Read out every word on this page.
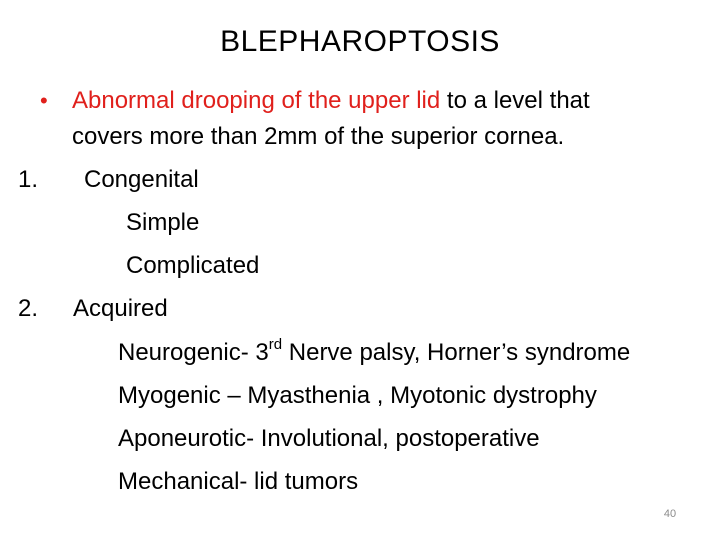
BLEPHAROPTOSIS
• Abnormal drooping of the upper lid to a level that
covers more than 2mm of the superior cornea.
1. Congenital
Simple
Complicated
2. Acquired
Neurogenic- 3rd Nerve palsy, Horner’s syndrome
Myogenic – Myasthenia , Myotonic dystrophy
Aponeurotic- Involutional, postoperative
Mechanical- lid tumors
40
